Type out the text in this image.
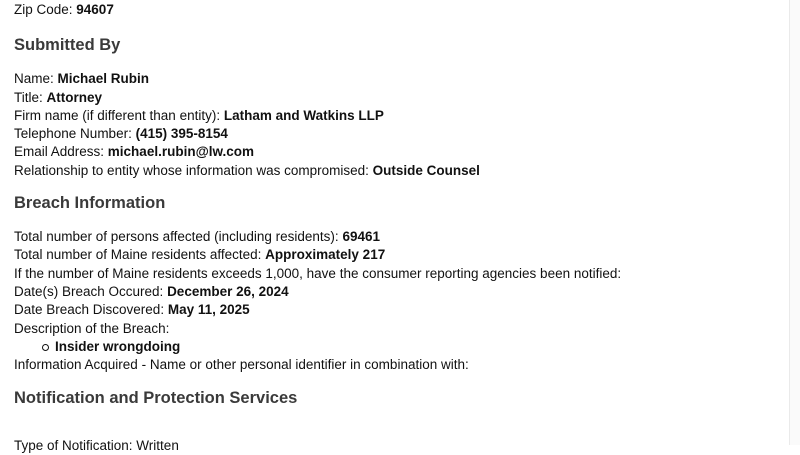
Zip Code: 94607
Submitted By
Name: Michael Rubin
Title: Attorney
Firm name (if different than entity): Latham and Watkins LLP
Telephone Number: (415) 395-8154
Email Address: michael.rubin@lw.com
Relationship to entity whose information was compromised: Outside Counsel
Breach Information
Total number of persons affected (including residents): 69461
Total number of Maine residents affected: Approximately 217
If the number of Maine residents exceeds 1,000, have the consumer reporting agencies been notified:
Date(s) Breach Occured: December 26, 2024
Date Breach Discovered: May 11, 2025
Description of the Breach:
Insider wrongdoing
Information Acquired - Name or other personal identifier in combination with:
Notification and Protection Services
Type of Notification: Written
